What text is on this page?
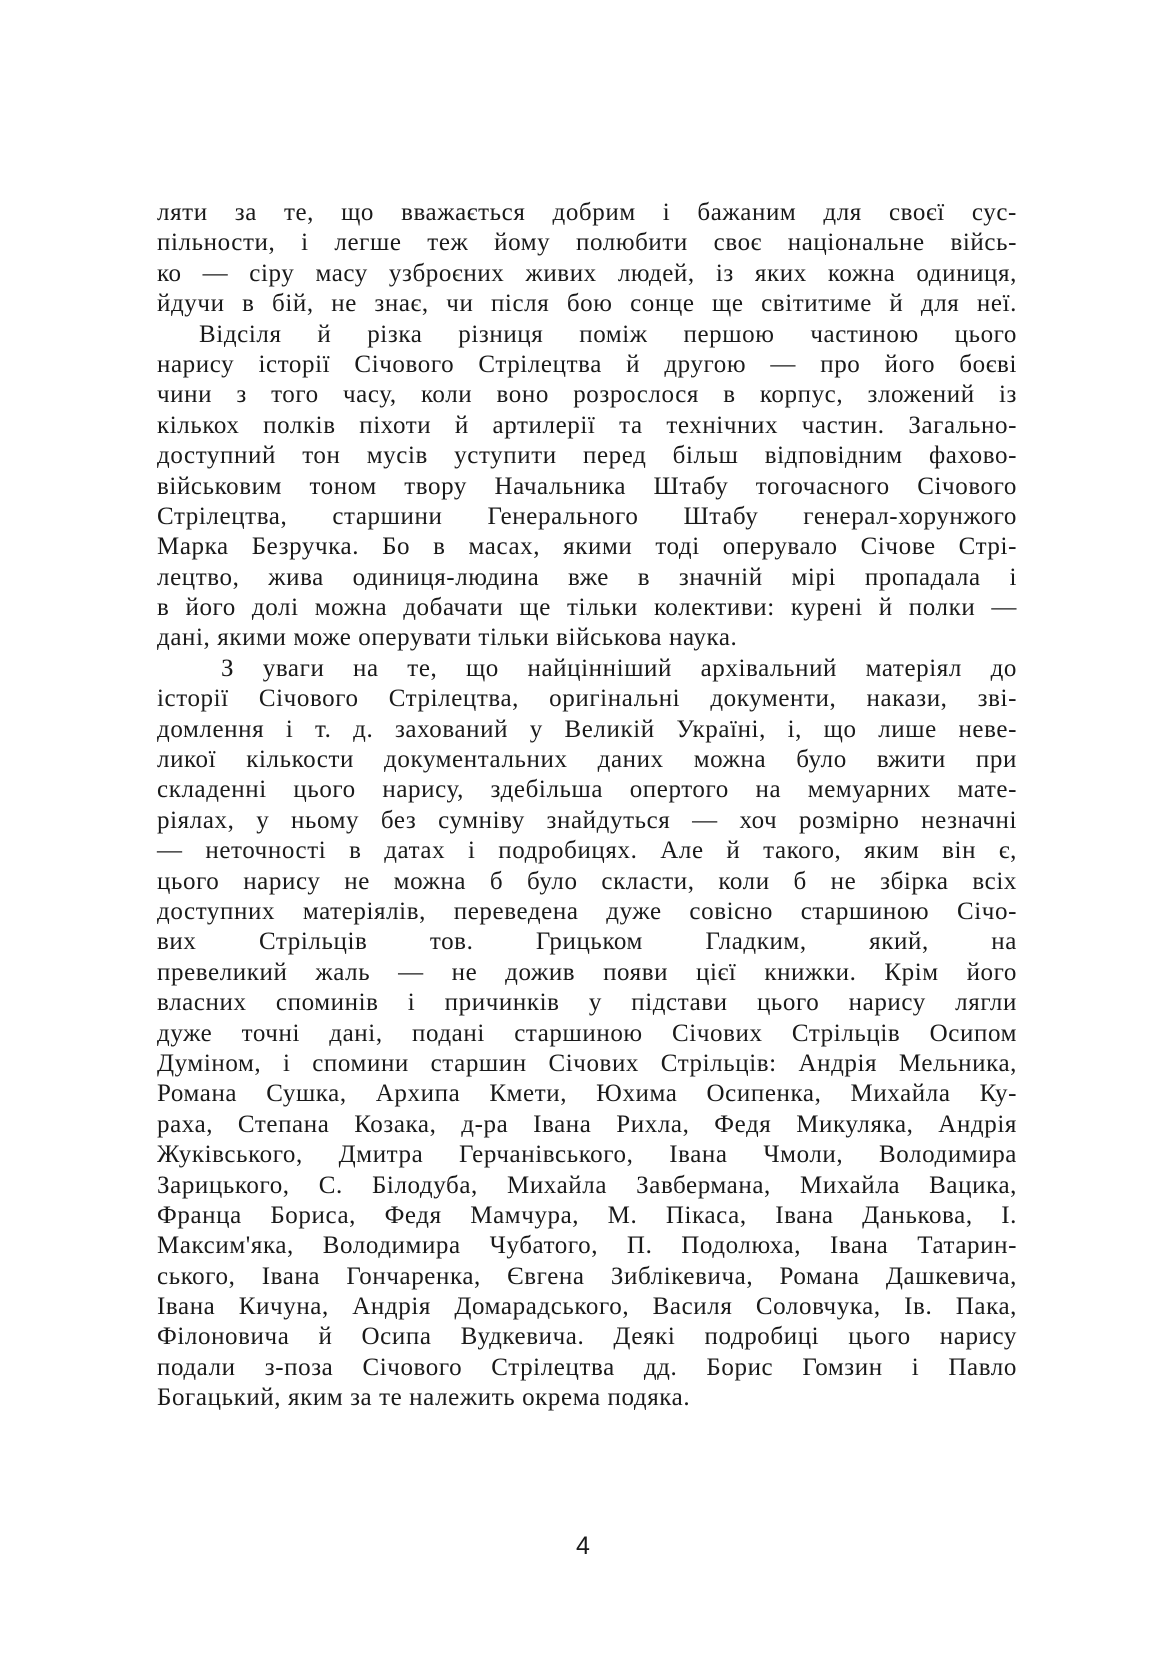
ляти за те, що вважається добрим і бажаним для своєї сус-
пільности, і легше теж йому полюбити своє національне війсь-
ко — сіру масу узброєних живих людей, із яких кожна одиниця,
йдучи в бій, не знає, чи після бою сонце ще світитиме й для неї.
Відсіля й різка різниця поміж першою частиною цього
нарису історії Січового Стрілецтва й другою — про його боєві
чини з того часу, коли воно розрослося в корпус, зложений із
кількох полків піхоти й артилерії та технічних частин. Загально-
доступний тон мусів уступити перед більш відповідним фахово-
військовим тоном твору Начальника Штабу тогочасного Січового
Стрілецтва, старшини Генерального Штабу генерал-хорунжого
Марка Безручка. Бо в масах, якими тоді оперувало Січове Стрі-
лецтво, жива одиниця-людина вже в значній мірі пропадала і
в його долі можна добачати ще тільки колективи: курені й полки —
дані, якими може оперувати тільки військова наука.
З уваги на те, що найцінніший архівальний матеріял до
історії Січового Стрілецтва, оригінальні документи, накази, зві-
домлення і т. д. захований у Великій Україні, і, що лише неве-
ликої кількости документальних даних можна було вжити при
складенні цього нарису, здебільша опертого на мемуарних мате-
ріялах, у ньому без сумніву знайдуться — хоч розмірно незначні
— неточності в датах і подробицях. Але й такого, яким він є,
цього нарису не можна б було скласти, коли б не збірка всіх
доступних матеріялів, переведена дуже совісно старшиною Січо-
вих Стрільців тов. Грицьком Гладким, який, на
превеликий жаль — не дожив появи цієї книжки. Крім його
власних споминів і причинків у підстави цього нарису лягли
дуже точні дані, подані старшиною Січових Стрільців Осипом
Думіном, і спомини старшин Січових Стрільців: Андрія Мельника,
Романа Сушка, Архипа Кмети, Юхима Осипенка, Михайла Ку-
раха, Степана Козака, д-ра Івана Рихла, Федя Микуляка, Андрія
Жуківського, Дмитра Герчанівського, Івана Чмоли, Володимира
Зарицького, С. Білодуба, Михайла Завбермана, Михайла Вацика,
Франца Бориса, Федя Мамчура, М. Пікаса, Івана Данькова, І.
Максим'яка, Володимира Чубатого, П. Подолюха, Івана Татарин-
ського, Івана Гончаренка, Євгена Зиблікевича, Романа Дашкевича,
Івана Кичуна, Андрія Домарадського, Василя Соловчука, Ів. Пака,
Філоновича й Осипа Вудкевича. Деякі подробиці цього нарису
подали з-поза Січового Стрілецтва дд. Борис Гомзин і Павло
Богацький, яким за те належить окрема подяка.
4
